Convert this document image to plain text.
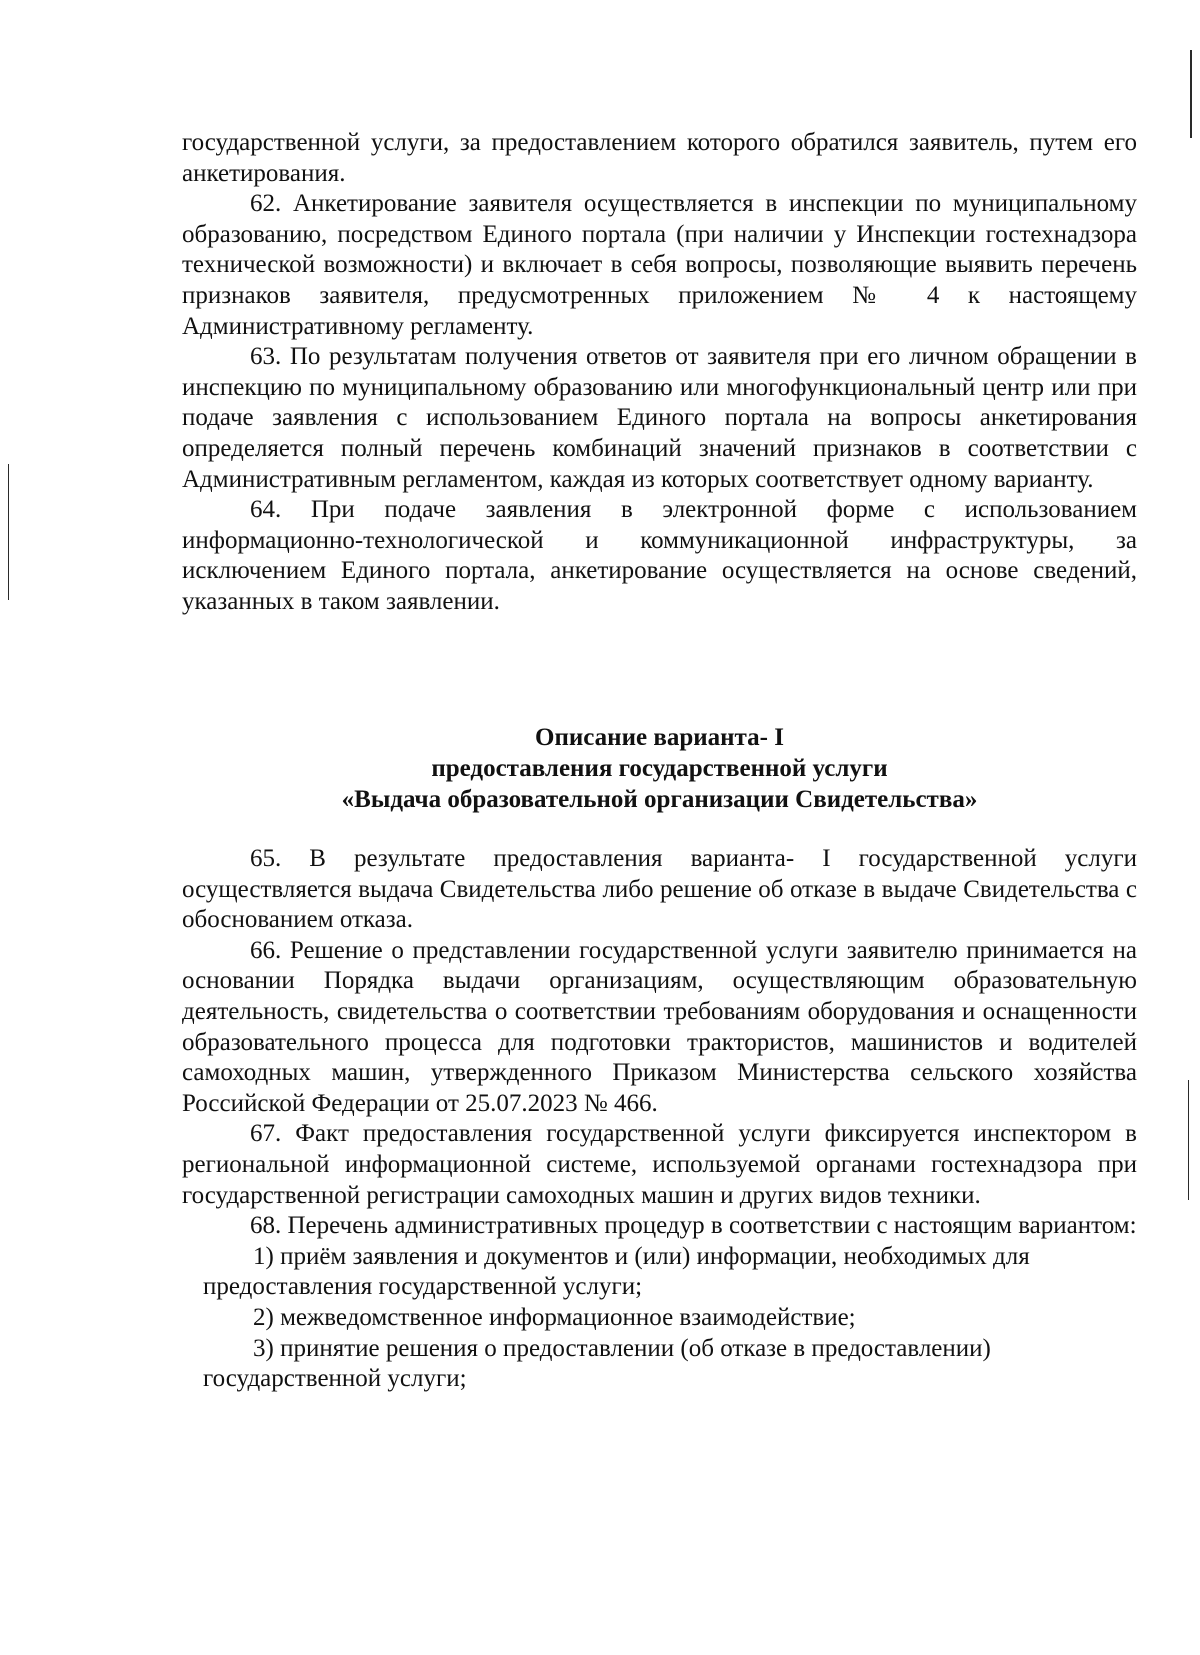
государственной услуги, за предоставлением которого обратился заявитель, путем его анкетирования.

62. Анкетирование заявителя осуществляется в инспекции по муниципальному образованию, посредством Единого портала (при наличии у Инспекции гостехнадзора технической возможности) и включает в себя вопросы, позволяющие выявить перечень признаков заявителя, предусмотренных приложением № 4 к настоящему Административному регламенту.

63. По результатам получения ответов от заявителя при его личном обращении в инспекцию по муниципальному образованию или многофункциональный центр или при подаче заявления с использованием Единого портала на вопросы анкетирования определяется полный перечень комбинаций значений признаков в соответствии с Административным регламентом, каждая из которых соответствует одному варианту.

64. При подаче заявления в электронной форме с использованием информационно-технологической и коммуникационной инфраструктуры, за исключением Единого портала, анкетирование осуществляется на основе сведений, указанных в таком заявлении.

Описание варианта- I
предоставления государственной услуги
«Выдача образовательной организации Свидетельства»

65. В результате предоставления варианта- I государственной услуги осуществляется выдача Свидетельства либо решение об отказе в выдаче Свидетельства с обоснованием отказа.

66. Решение о представлении государственной услуги заявителю принимается на основании Порядка выдачи организациям, осуществляющим образовательную деятельность, свидетельства о соответствии требованиям оборудования и оснащенности образовательного процесса для подготовки трактористов, машинистов и водителей самоходных машин, утвержденного Приказом Министерства сельского хозяйства Российской Федерации от 25.07.2023 № 466.

67. Факт предоставления государственной услуги фиксируется инспектором в региональной информационной системе, используемой органами гостехнадзора при государственной регистрации самоходных машин и других видов техники.

68. Перечень административных процедур в соответствии с настоящим вариантом:

1) приём заявления и документов и (или) информации, необходимых для предоставления государственной услуги;

2) межведомственное информационное взаимодействие;

3) принятие решения о предоставлении (об отказе в предоставлении) государственной услуги;
